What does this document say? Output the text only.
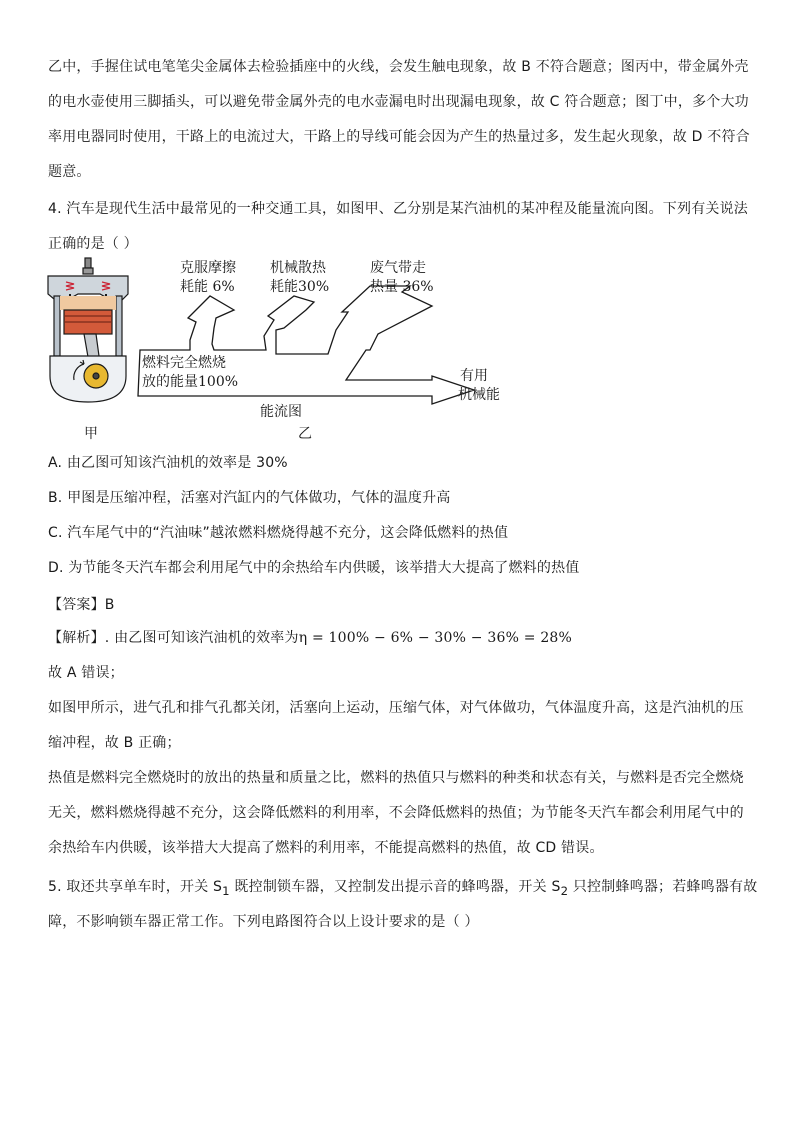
乙中，手握住试电笔笔尖金属体去检验插座中的火线，会发生触电现象，故 B 不符合题意；图丙中，带金属外壳
的电水壶使用三脚插头，可以避免带金属外壳的电水壶漏电时出现漏电现象，故 C 符合题意；图丁中，多个大功
率用电器同时使用，干路上的电流过大，干路上的导线可能会因为产生的热量过多，发生起火现象，故 D 不符合
题意。
4. 汽车是现代生活中最常见的一种交通工具，如图甲、乙分别是某汽油机的某冲程及能量流向图。下列有关说法
正确的是（ ）
克服摩擦
耗能 6%
机械散热
耗能30%
废气带走
热量 36%
燃料完全燃烧
放的能量100%	有用
机械能
能流图
甲	乙
A. 由乙图可知该汽油机的效率是 30%
B. 甲图是压缩冲程，活塞对汽缸内的气体做功，气体的温度升高
C. 汽车尾气中的“汽油味”越浓燃料燃烧得越不充分，这会降低燃料的热值
D. 为节能冬天汽车都会利用尾气中的余热给车内供暖，该举措大大提高了燃料的热值
【答案】B
【解析】. 由乙图可知该汽油机的效率为η = 100% − 6% − 30% − 36% = 28%
故 A 错误；
如图甲所示，进气孔和排气孔都关闭，活塞向上运动，压缩气体，对气体做功，气体温度升高，这是汽油机的压
缩冲程，故 B 正确；
热值是燃料完全燃烧时的放出的热量和质量之比，燃料的热值只与燃料的种类和状态有关，与燃料是否完全燃烧
无关，燃料燃烧得越不充分，这会降低燃料的利用率，不会降低燃料的热值；为节能冬天汽车都会利用尾气中的
余热给车内供暖，该举措大大提高了燃料的利用率，不能提高燃料的热值，故 CD 错误。
5. 取还共享单车时，开关 $S_1$ 既控制锁车器，又控制发出提示音的蜂鸣器，开关 $S_2$ 只控制蜂鸣器；若蜂鸣器有故
障，不影响锁车器正常工作。下列电路图符合以上设计要求的是（ ）
